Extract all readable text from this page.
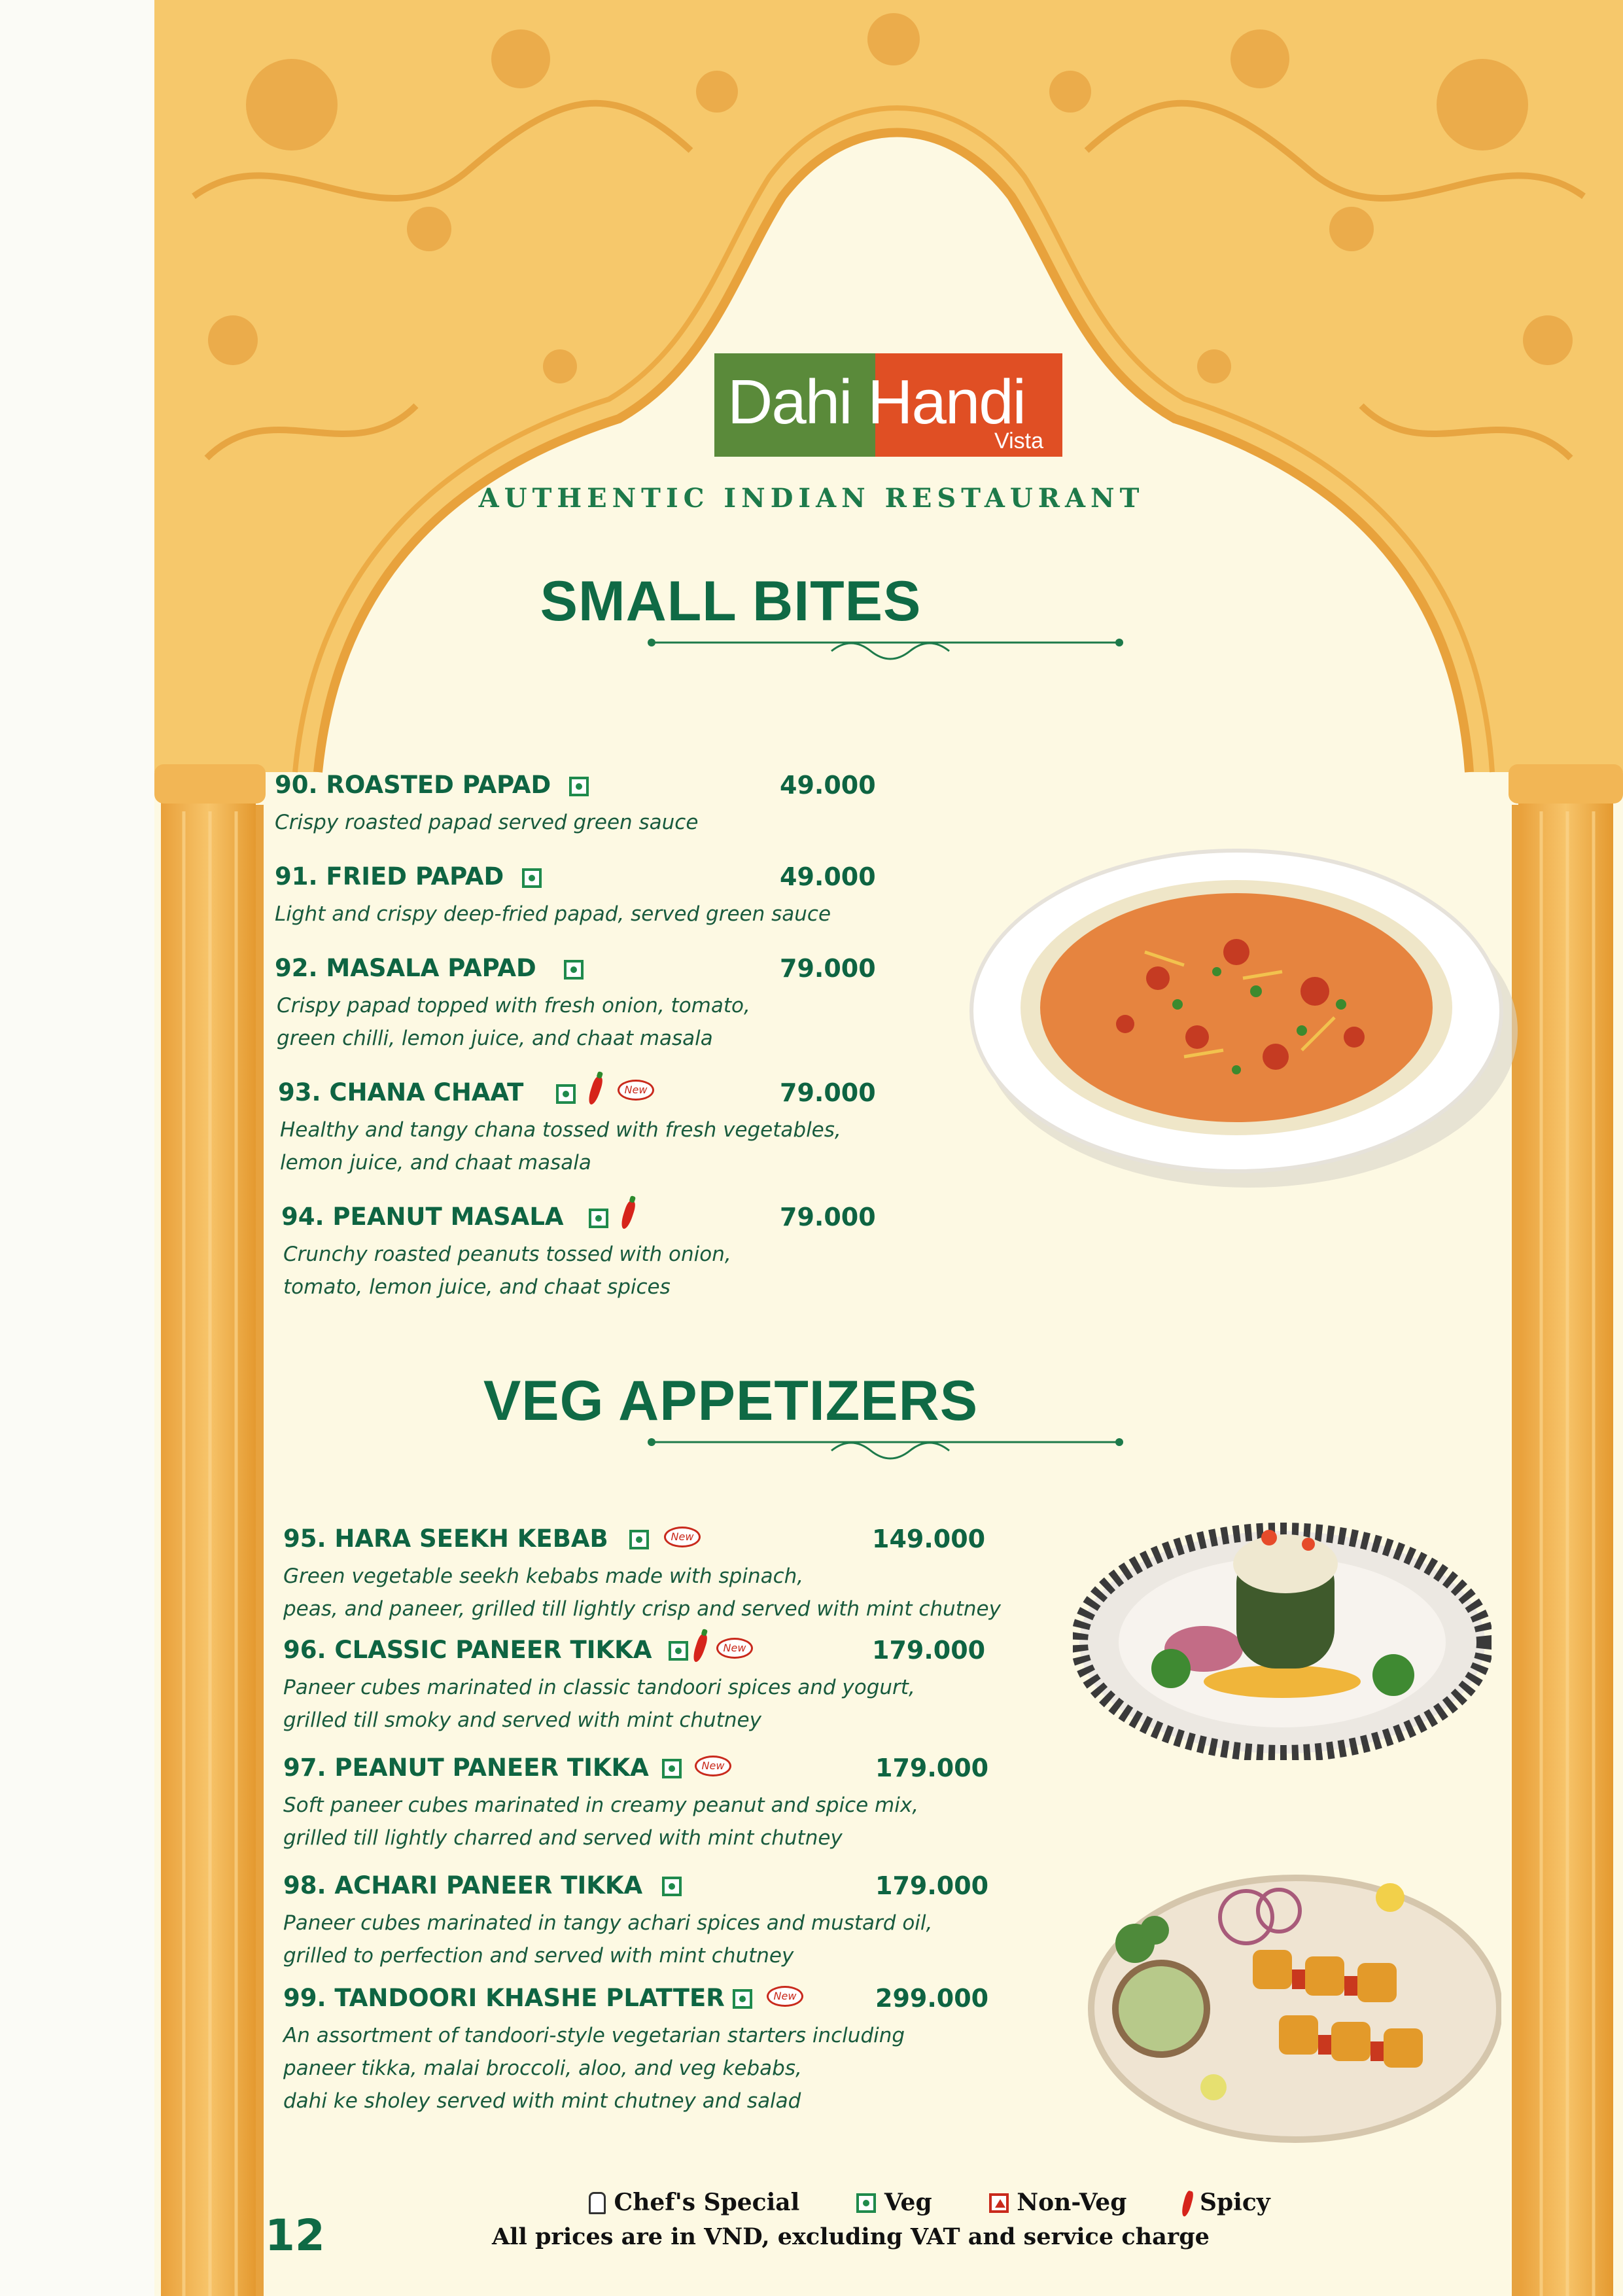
Dahi Handi
Vista
AUTHENTIC INDIAN RESTAURANT
SMALL BITES
VEG APPETIZERS
90. ROASTED PAPAD	49.000
Crispy roasted papad served green sauce
91. FRIED PAPAD	49.000
Light and crispy deep-fried papad, served green sauce
92. MASALA PAPAD	79.000
Crispy papad topped with fresh onion, tomato,
green chilli, lemon juice, and chaat masala
93. CHANA CHAAT	New	79.000
Healthy and tangy chana tossed with fresh vegetables,
lemon juice, and chaat masala
94. PEANUT MASALA	79.000
Crunchy roasted peanuts tossed with onion,
tomato, lemon juice, and chaat spices
95. HARA SEEKH KEBAB	New	149.000
Green vegetable seekh kebabs made with spinach,
peas, and paneer, grilled till lightly crisp and served with mint chutney
96. CLASSIC PANEER TIKKA	New	179.000
Paneer cubes marinated in classic tandoori spices and yogurt,
grilled till smoky and served with mint chutney
97. PEANUT PANEER TIKKA	New	179.000
Soft paneer cubes marinated in creamy peanut and spice mix,
grilled till lightly charred and served with mint chutney
98. ACHARI PANEER TIKKA	179.000
Paneer cubes marinated in tangy achari spices and mustard oil,
grilled to perfection and served with mint chutney
99. TANDOORI KHASHE PLATTER	New	299.000
An assortment of tandoori-style vegetarian starters including
paneer tikka, malai broccoli, aloo, and veg kebabs,
dahi ke sholey served with mint chutney and salad
12
Chef's Special	Veg	Non-Veg	Spicy
All prices are in VND, excluding VAT and service charge
